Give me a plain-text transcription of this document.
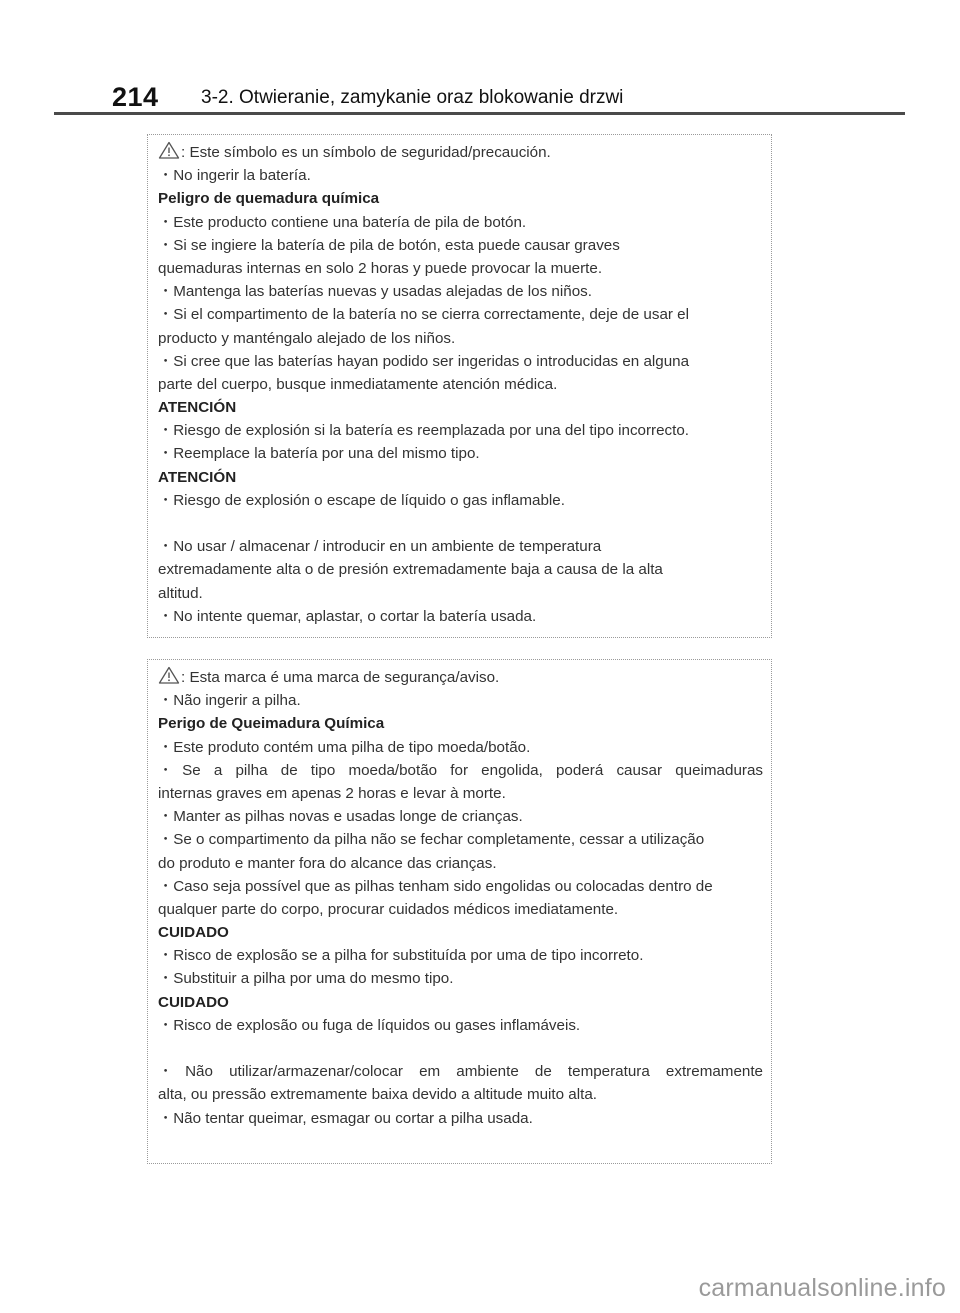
214 3-2. Otwieranie, zamykanie oraz blokowanie drzwi
: Este símbolo es un símbolo de seguridad/precaución.
・No ingerir la batería.
Peligro de quemadura química
・Este producto contiene una batería de pila de botón.
・Si se ingiere la batería de pila de botón, esta puede causar graves
quemaduras internas en solo 2 horas y puede provocar la muerte.
・Mantenga las baterías nuevas y usadas alejadas de los niños.
・Si el compartimento de la batería no se cierra correctamente, deje de usar el
producto y manténgalo alejado de los niños.
・Si cree que las baterías hayan podido ser ingeridas o introducidas en alguna
parte del cuerpo, busque inmediatamente atención médica.
ATENCIÓN
・Riesgo de explosión si la batería es reemplazada por una del tipo incorrecto.
・Reemplace la batería por una del mismo tipo.
ATENCIÓN
・Riesgo de explosión o escape de líquido o gas inflamable.
・No usar / almacenar / introducir en un ambiente de temperatura
extremadamente alta o de presión extremadamente baja a causa de la alta
altitud.
・No intente quemar, aplastar, o cortar la batería usada.
: Esta marca é uma marca de segurança/aviso.
・Não ingerir a pilha.
Perigo de Queimadura Química
・Este produto contém uma pilha de tipo moeda/botão.
・Se a pilha de tipo moeda/botão for engolida, poderá causar queimaduras
internas graves em apenas 2 horas e levar à morte.
・Manter as pilhas novas e usadas longe de crianças.
・Se o compartimento da pilha não se fechar completamente, cessar a utilização
do produto e manter fora do alcance das crianças.
・Caso seja possível que as pilhas tenham sido engolidas ou colocadas dentro de
qualquer parte do corpo, procurar cuidados médicos imediatamente.
CUIDADO
・Risco de explosão se a pilha for substituída por uma de tipo incorreto.
・Substituir a pilha por uma do mesmo tipo.
CUIDADO
・Risco de explosão ou fuga de líquidos ou gases inflamáveis.
・Não utilizar/armazenar/colocar em ambiente de temperatura extremamente
alta, ou pressão extremamente baixa devido a altitude muito alta.
・Não tentar queimar, esmagar ou cortar a pilha usada.
carmanualsonline.info
